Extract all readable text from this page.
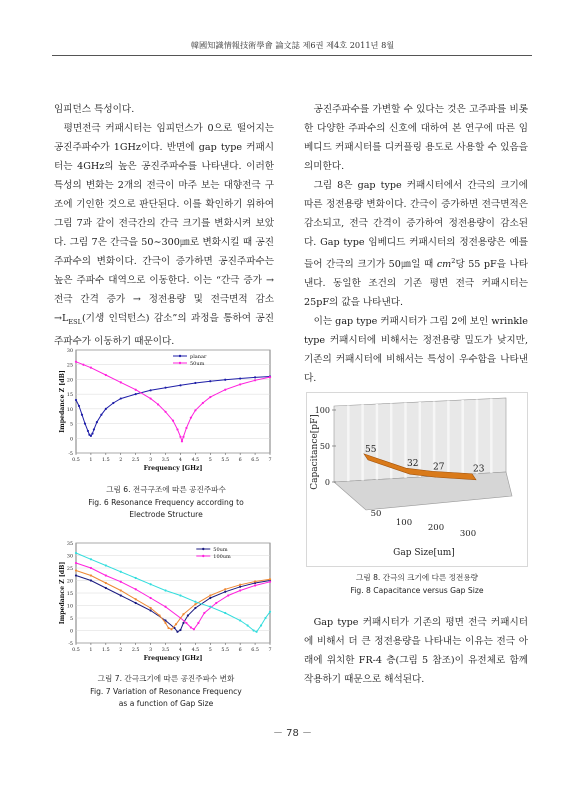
韓國知識情報技術學會 論文誌 제6권 제4호 2011년 8월

임피던스 특성이다.

평면전극 커패시터는 임피던스가 0으로 떨어지는 공진주파수가 1GHz이다. 반면에 gap type 커패시터는 4GHz의 높은 공진주파수를 나타낸다. 이러한 특성의 변화는 2개의 전극이 마주 보는 대향전극 구조에 기인한 것으로 판단된다. 이를 확인하기 위하여 그림 7과 같이 전극간의 간극 크기를 변화시켜 보았다. 그림 7은 간극을 50∼300㎛로 변화시킬 때 공진주파수의 변화이다. 간극이 증가하면 공진주파수는 높은 주파수 대역으로 이동한다. 이는 “간극 증가 → 전극 간격 증가 → 정전용량 및 전극면적 감소$\to L_{ESL}$(기생 인덕턴스) 감소”의 과정을 통하여 공진주파수가 이동하기 때문이다.

공진주파수를 가변할 수 있다는 것은 고주파를 비롯한 다양한 주파수의 신호에 대하여 본 연구에 따른 임베디드 커패시터를 디커플링 용도로 사용할 수 있음을 의미한다.

그림 8은 gap type 커패시터에서 간극의 크기에 따른 정전용량 변화이다. 간극이 증가하면 전극면적은 감소되고, 전극 간격이 증가하여 정전용량이 감소된다. Gap type 임베디드 커패시터의 정전용량은 예를 들어 간극의 크기가 50㎛일 때 $cm^2$당 55 pF을 나타낸다. 동일한 조건의 기존 평면 전극 커패시터는 25pF의 값을 나타낸다.

이는 gap type 커패시터가 그림 2에 보인 wrinkle type 커패시터에 비해서는 정전용량 밀도가 낮지만, 기존의 커패시터에 비해서는 특성이 우수함을 나타낸다.

30
25
20
15
10
5
0
-5
0.5 1 1.5 2 2.5 3 3.5 4 4.5 5 5.5 6 6.5 7
Frequency [GHz]
Impedance Z [dB]
planar
50um
그림 6. 전극구조에 따른 공진주파수
Fig. 6 Resonance Frequency according to
Electrode Structure
35
30
25
20
15
10
5
0
-5
0.5 1 1.5 2 2.5 3 3.5 4 4.5 5 5.5 6 6.5 7
Frequency [GHz]
Impedance Z [dB]
50um
100um
그림 7. 간극크기에 따른 공진주파수 변화
Fig. 7 Variation of Resonance Frequency
as a function of Gap Size
100
50
0
Capacitance[pF]	55
32 27	23
50
100 200
300
Gap Size[um]
그림 8. 간극의 크기에 다른 정전용량
Fig. 8 Capacitance versus Gap Size

Gap type 커패시터가 기존의 평면 전극 커패시터에 비해서 더 큰 정전용량을 나타내는 이유는 전극 아래에 위치한 FR-4 층(그림 5 참조)이 유전체로 함께 작용하기 때문으로 해석된다.

－ 78 －
